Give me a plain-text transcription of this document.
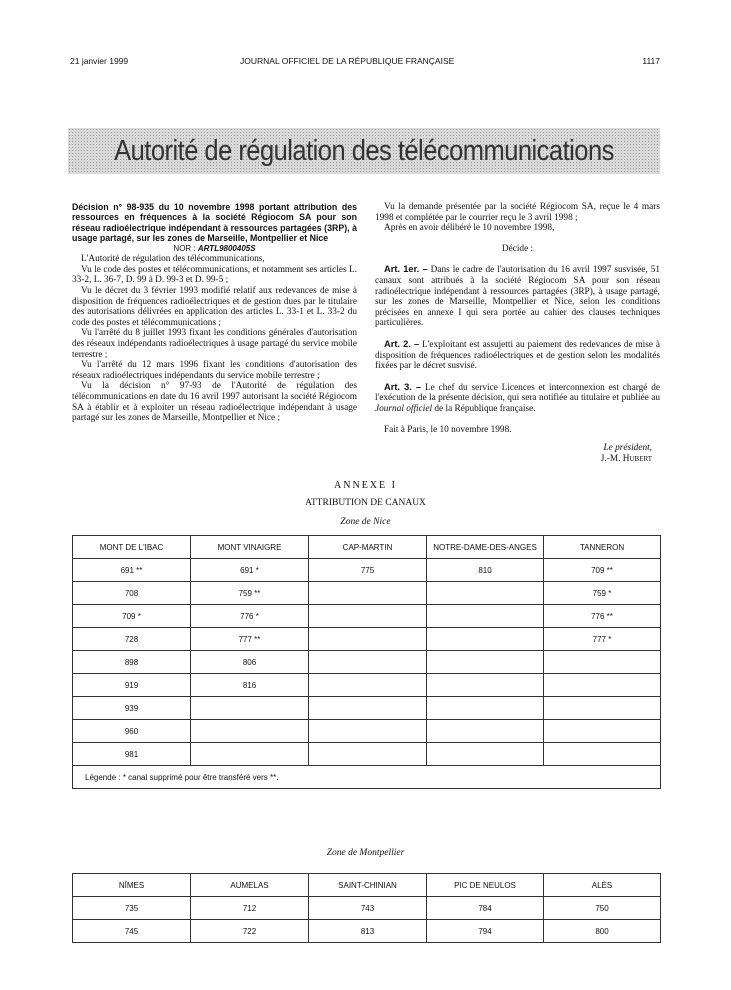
21 janvier 1999	JOURNAL OFFICIEL DE LA RÉPUBLIQUE FRANÇAISE	1117
Autorité de régulation des télécommunications

Décision n° 98-935 du 10 novembre 1998 portant attribution des ressources en fréquences à la société Régiocom SA pour son réseau radioélectrique indépendant à ressources partagées (3RP), à usage partagé, sur les zones de Marseille, Montpellier et Nice

NOR : ARTL9800405S

L'Autorité de régulation des télécommunications,

Vu le code des postes et télécommunications, et notamment ses articles L. 33-2, L. 36-7, D. 99 à D. 99-3 et D. 99-5 ;

Vu le décret du 3 février 1993 modifié relatif aux redevances de mise à disposition de fréquences radioélectriques et de gestion dues par le titulaire des autorisations délivrées en application des articles L. 33-1 et L. 33-2 du code des postes et télécommunications ;

Vu l'arrêté du 8 juillet 1993 fixant les conditions générales d'autorisation des réseaux indépendants radioélectriques à usage partagé du service mobile terrestre ;

Vu l'arrêté du 12 mars 1996 fixant les conditions d'autorisation des réseaux radioélectriques indépendants du service mobile terrestre ;

Vu la décision n° 97-93 de l'Autorité de régulation des télécommunications en date du 16 avril 1997 autorisant la société Régiocom SA à établir et à exploiter un réseau radioélectrique indépendant à usage partagé sur les zones de Marseille, Montpellier et Nice ;

Vu la demande présentée par la société Régiocom SA, reçue le 4 mars 1998 et complétée par le courrier reçu le 3 avril 1998 ;

Après en avoir délibéré le 10 novembre 1998,

Décide :

Art. 1er. – Dans le cadre de l'autorisation du 16 avril 1997 susvisée, 51 canaux sont attribués à la société Régiocom SA pour son réseau radioélectrique indépendant à ressources partagées (3RP), à usage partagé, sur les zones de Marseille, Montpellier et Nice, selon les conditions précisées en annexe I qui sera portée au cahier des clauses techniques particulières.

Art. 2. – L'exploitant est assujetti au paiement des redevances de mise à disposition de fréquences radioélectriques et de gestion selon les modalités fixées par le décret susvisé.

Art. 3. – Le chef du service Licences et interconnexion est chargé de l'exécution de la présente décision, qui sera notifiée au titulaire et publiée au Journal officiel de la République française.

Fait à Paris, le 10 novembre 1998.

Le président,

J.-M. Hubert

ANNEXE I
ATTRIBUTION DE CANAUX
Zone de Nice
MONT DE L'IBAC	MONT VINAIGRE	CAP-MARTIN	NOTRE-DAME-DES-ANGES	TANNERON
691 **	691 *	775	810	709 **
708	759 **			759 *
709 *	776 *			776 **
728	777 **			777 *
898	806			
919	816			
939				
960				
981				
Légende : * canal supprimé pour être transféré vers **.				
Zone de Montpellier
NÎMES	AUMELAS	SAINT-CHINIAN	PIC DE NEULOS	ALÈS
735	712	743	784	750
745	722	813	794	800
